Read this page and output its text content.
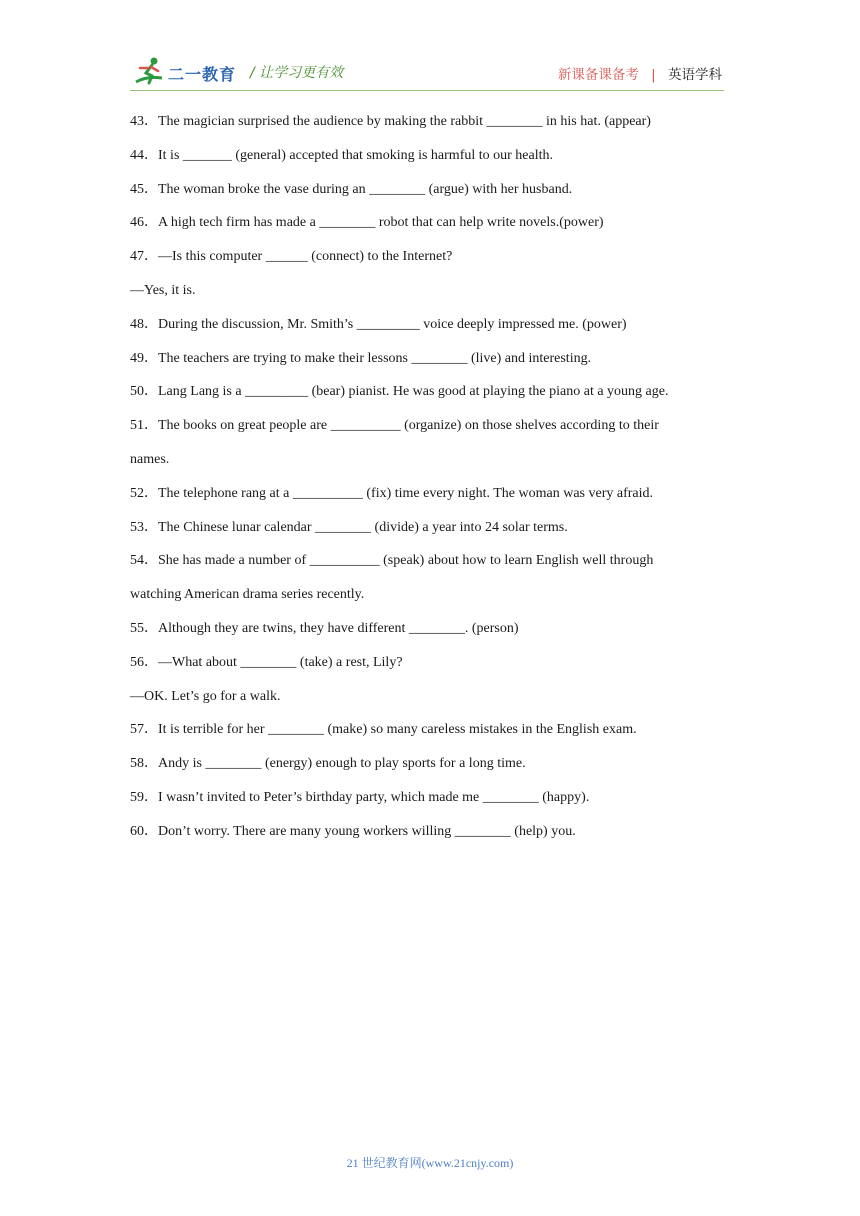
二一教育 / 让学习更有效	新课备课备考 | 英语学科
43．The magician surprised the audience by making the rabbit ________ in his hat. (appear)
44．It is _______ (general) accepted that smoking is harmful to our health.
45．The woman broke the vase during an ________ (argue) with her husband.
46．A high tech firm has made a ________ robot that can help write novels.(power)
47．—Is this computer ______ (connect) to the Internet?
—Yes, it is.
48．During the discussion, Mr. Smith’s _________ voice deeply impressed me. (power)
49．The teachers are trying to make their lessons ________ (live) and interesting.
50．Lang Lang is a _________ (bear) pianist. He was good at playing the piano at a young age.
51．The books on great people are __________ (organize) on those shelves according to their
names.
52．The telephone rang at a __________ (fix) time every night. The woman was very afraid.
53．The Chinese lunar calendar ________ (divide) a year into 24 solar terms.
54．She has made a number of __________ (speak) about how to learn English well through
watching American drama series recently.
55．Although they are twins, they have different ________. (person)
56．—What about ________ (take) a rest, Lily?
—OK. Let’s go for a walk.
57．It is terrible for her ________ (make) so many careless mistakes in the English exam.
58．Andy is ________ (energy) enough to play sports for a long time.
59．I wasn’t invited to Peter’s birthday party, which made me ________ (happy).
60．Don’t worry. There are many young workers willing ________ (help) you.
21 世纪教育网(www.21cnjy.com)
